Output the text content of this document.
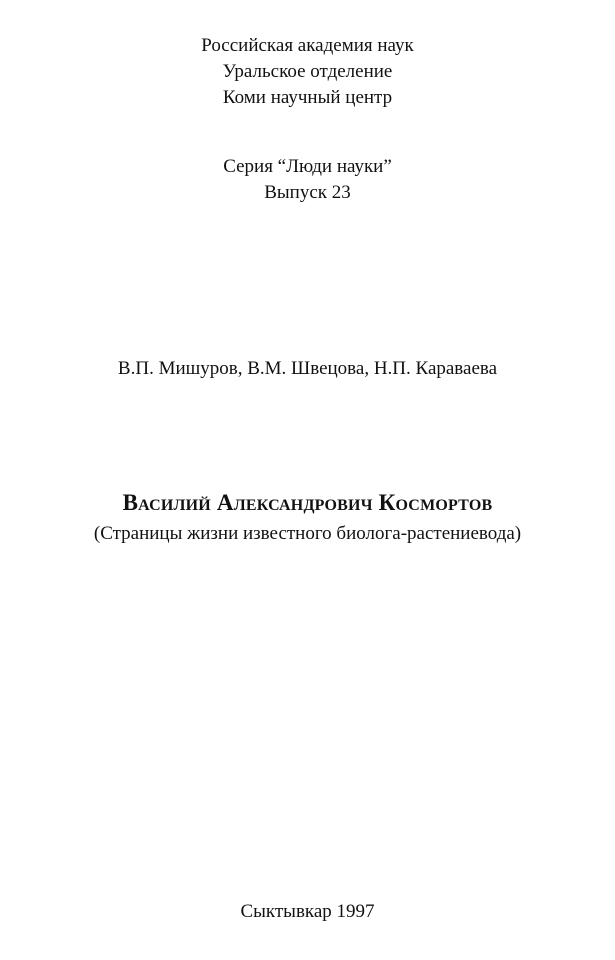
Российская академия наук
Уральское отделение
Коми научный центр
Серия “Люди науки”
Выпуск 23
В.П. Мишуров, В.М. Швецова, Н.П. Караваева
Василий Александрович Космортов
(Страницы жизни известного биолога-растениевода)
Сыктывкар 1997
